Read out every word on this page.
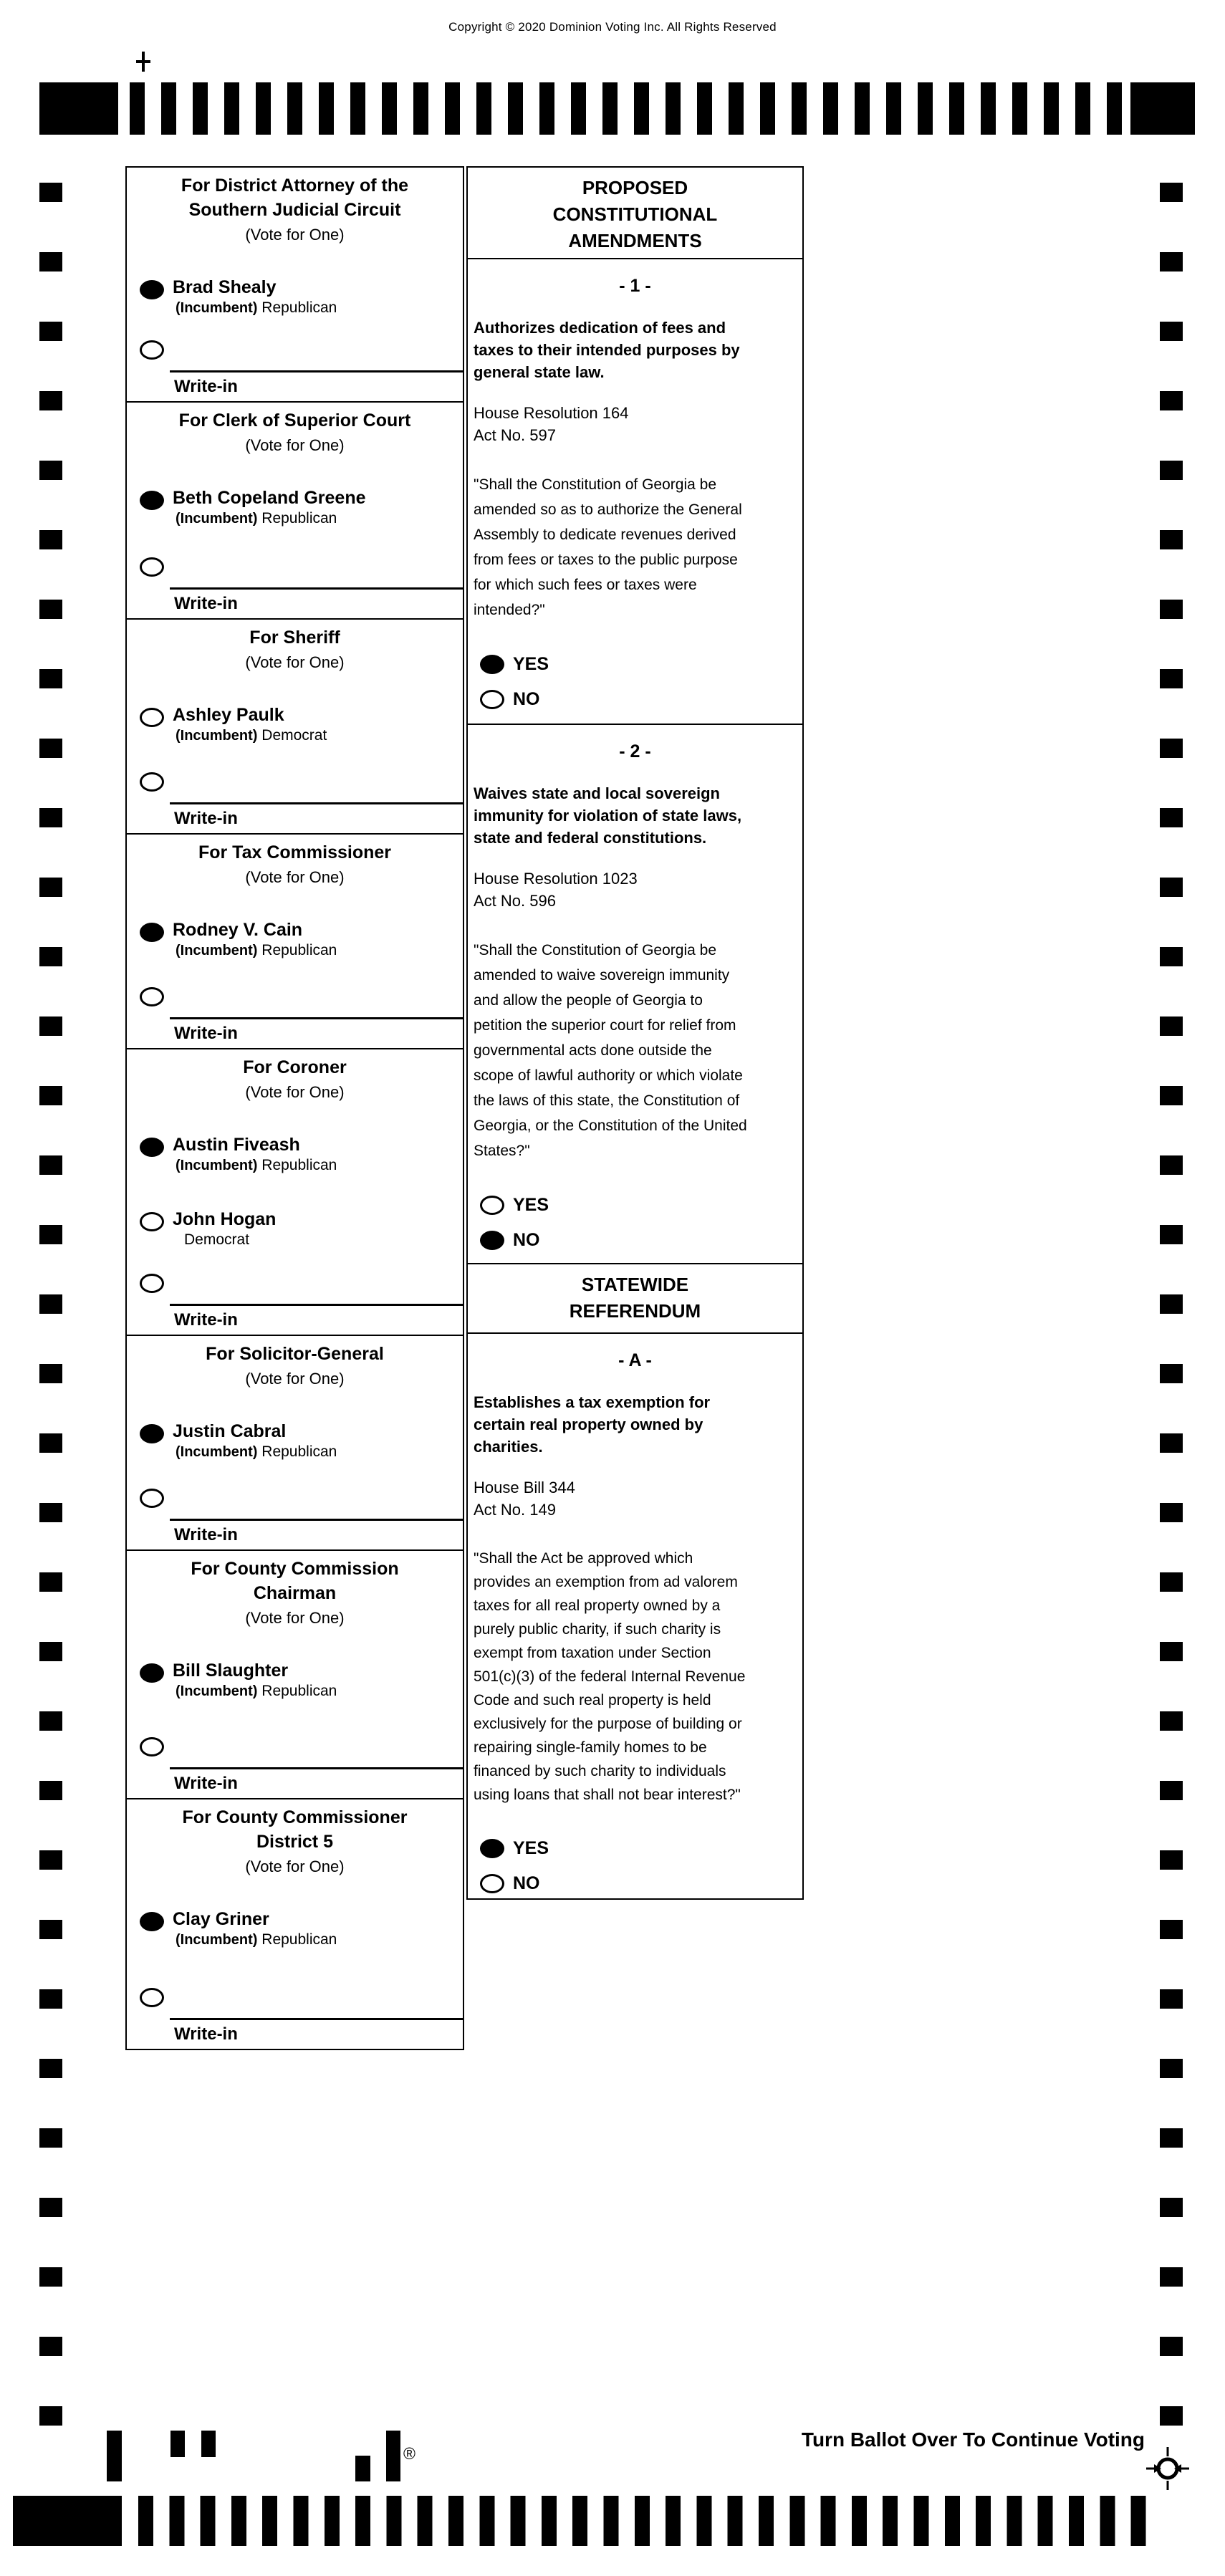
Copyright © 2020 Dominion Voting Inc. All Rights Reserved
For District Attorney of the
Southern Judicial Circuit
(Vote for One)
Brad Shealy
(Incumbent) Republican
Write-in
For Clerk of Superior Court
(Vote for One)
Beth Copeland Greene
(Incumbent) Republican
Write-in
For Sheriff
(Vote for One)
Ashley Paulk
(Incumbent) Democrat
Write-in
For Tax Commissioner
(Vote for One)
Rodney V. Cain
(Incumbent) Republican
Write-in
For Coroner
(Vote for One)
Austin Fiveash
(Incumbent) Republican
John Hogan
Democrat
Write-in
For Solicitor-General
(Vote for One)
Justin Cabral
(Incumbent) Republican
Write-in
For County Commission
Chairman
(Vote for One)
Bill Slaughter
(Incumbent) Republican
Write-in
For County Commissioner
District 5
(Vote for One)
Clay Griner
(Incumbent) Republican
Write-in
PROPOSED
CONSTITUTIONAL
AMENDMENTS
- 1 -
Authorizes dedication of fees and
taxes to their intended purposes by
general state law.
House Resolution 164
Act No. 597
"Shall the Constitution of Georgia be
amended so as to authorize the General
Assembly to dedicate revenues derived
from fees or taxes to the public purpose
for which such fees or taxes were
intended?"
YES
NO
- 2 -
Waives state and local sovereign
immunity for violation of state laws,
state and federal constitutions.
House Resolution 1023
Act No. 596
"Shall the Constitution of Georgia be
amended to waive sovereign immunity
and allow the people of Georgia to
petition the superior court for relief from
governmental acts done outside the
scope of lawful authority or which violate
the laws of this state, the Constitution of
Georgia, or the Constitution of the United
States?"
YES
NO
STATEWIDE
REFERENDUM
- A -
Establishes a tax exemption for
certain real property owned by
charities.
House Bill 344
Act No. 149
"Shall the Act be approved which
provides an exemption from ad valorem
taxes for all real property owned by a
purely public charity, if such charity is
exempt from taxation under Section
501(c)(3) of the federal Internal Revenue
Code and such real property is held
exclusively for the purpose of building or
repairing single-family homes to be
financed by such charity to individuals
using loans that shall not bear interest?"
YES
NO
®
Turn Ballot Over To Continue Voting
